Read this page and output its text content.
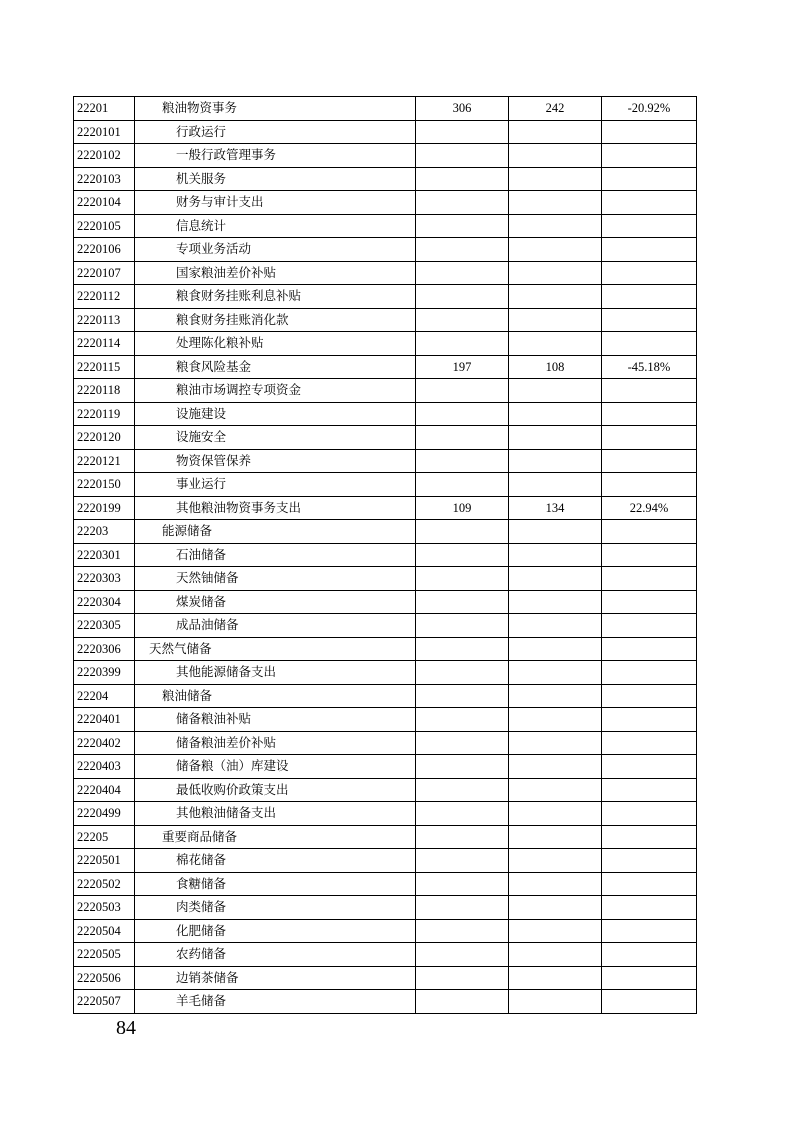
22201	粮油物资事务	306	242	-20.92%
2220101	行政运行			
2220102	一般行政管理事务			
2220103	机关服务			
2220104	财务与审计支出			
2220105	信息统计			
2220106	专项业务活动			
2220107	国家粮油差价补贴			
2220112	粮食财务挂账利息补贴			
2220113	粮食财务挂账消化款			
2220114	处理陈化粮补贴			
2220115	粮食风险基金	197	108	-45.18%
2220118	粮油市场调控专项资金			
2220119	设施建设			
2220120	设施安全			
2220121	物资保管保养			
2220150	事业运行			
2220199	其他粮油物资事务支出	109	134	22.94%
22203	能源储备			
2220301	石油储备			
2220303	天然铀储备			
2220304	煤炭储备			
2220305	成品油储备			
2220306	天然气储备			
2220399	其他能源储备支出			
22204	粮油储备			
2220401	储备粮油补贴			
2220402	储备粮油差价补贴			
2220403	储备粮（油）库建设			
2220404	最低收购价政策支出			
2220499	其他粮油储备支出			
22205	重要商品储备			
2220501	棉花储备			
2220502	食糖储备			
2220503	肉类储备			
2220504	化肥储备			
2220505	农药储备			
2220506	边销茶储备			
2220507	羊毛储备			
84
